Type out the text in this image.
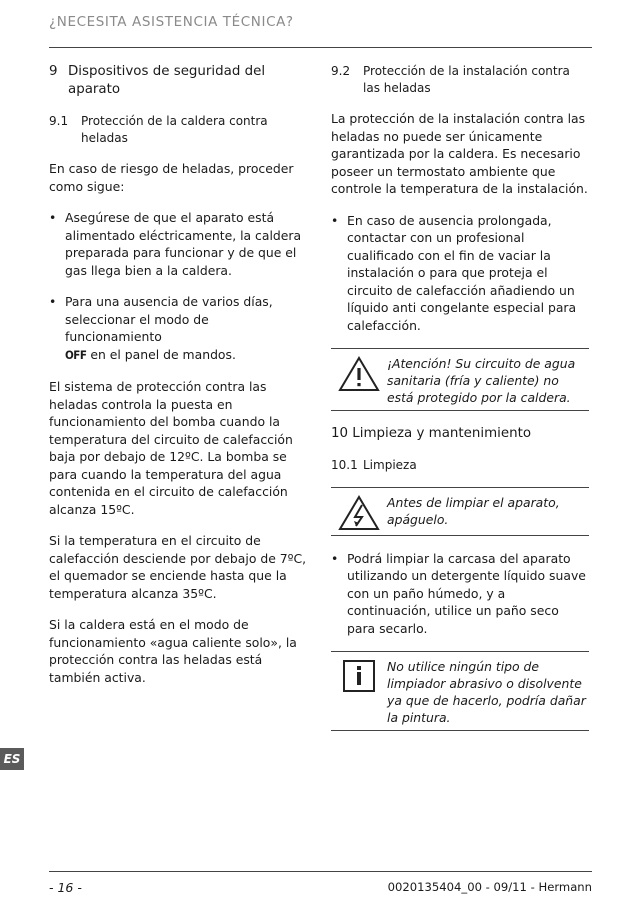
¿NECESITA ASISTENCIA TÉCNICA?
9 Dispositivos de seguridad del aparato
9.1	Protección de la caldera contra heladas

En caso de riesgo de heladas, proceder como sigue:

• Asegúrese de que el aparato está alimentado eléctricamente, la caldera preparada para funcionar y de que el gas llega bien a la caldera.
• Para una ausencia de varios días, seleccionar el modo de funcionamiento
OFF en el panel de mandos.

El sistema de protección contra las heladas controla la puesta en funcionamiento del bomba cuando la temperatura del circuito de calefacción baja por debajo de 12ºC. La bomba se para cuando la temperatura del agua contenida en el circuito de calefacción alcanza 15ºC.

Si la temperatura en el circuito de calefacción desciende por debajo de 7ºC, el quemador se enciende hasta que la temperatura alcanza 35ºC.

Si la caldera está en el modo de funcionamiento «agua caliente solo», la protección contra las heladas está también activa.

9.2	Protección de la instalación contra las heladas

La protección de la instalación contra las heladas no puede ser únicamente garantizada por la caldera. Es necesario poseer un termostato ambiente que controle la temperatura de la instalación.

• En caso de ausencia prolongada, contactar con un profesional cualificado con el fin de vaciar la instalación o para que proteja el circuito de calefacción añadiendo un líquido anti congelante especial para calefacción.
¡Atención! Su circuito de agua sanitaria (fría y caliente) no está protegido por la caldera.
10 Limpieza y mantenimiento
10.1 Limpieza
Antes de limpiar el aparato, apáguelo.
• Podrá limpiar la carcasa del aparato utilizando un detergente líquido suave con un paño húmedo, y a continuación, utilice un paño seco para secarlo.
No utilice ningún tipo de limpiador abrasivo o disolvente ya que de hacerlo, podría dañar la pintura.
ES
- 16 -	0020135404_00 - 09/11 - Hermann
